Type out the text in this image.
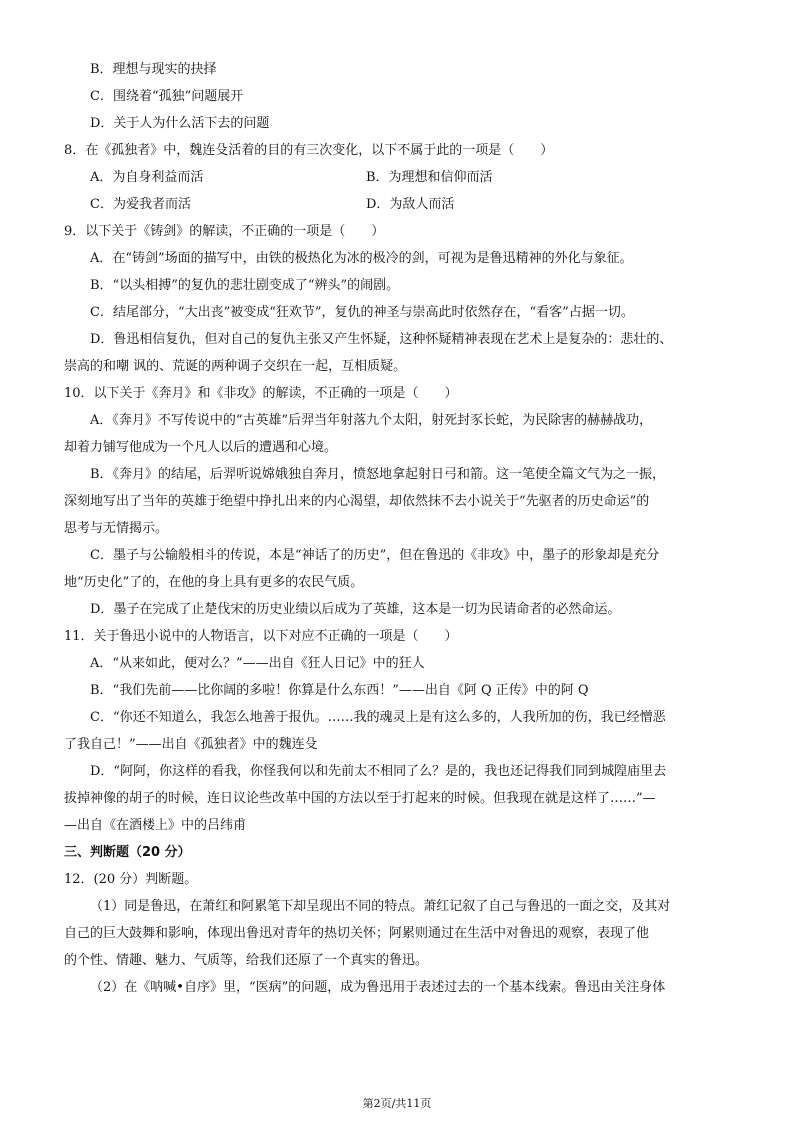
B．理想与现实的抉择
C．围绕着“孤独”问题展开
D．关于人为什么活下去的问题
8．在《孤独者》中，魏连殳活着的目的有三次变化，以下不属于此的一项是（　　）
A．为自身利益而活	B．为理想和信仰而活
C．为爱我者而活	D．为敌人而活
9．以下关于《铸剑》的解读，不正确的一项是（　　）
A．在“铸剑”场面的描写中，由铁的极热化为冰的极冷的剑，可视为是鲁迅精神的外化与象征。
B．“以头相搏”的复仇的悲壮剧变成了“辨头”的闹剧。
C．结尾部分，“大出丧”被变成“狂欢节”，复仇的神圣与崇高此时依然存在，“看客”占据一切。
D．鲁迅相信复仇，但对自己的复仇主张又产生怀疑，这种怀疑精神表现在艺术上是复杂的：悲壮的、
崇高的和嘲 讽的、荒诞的两种调子交织在一起，互相质疑。
10．以下关于《奔月》和《非攻》的解读，不正确的一项是（　　）
A．《奔月》不写传说中的“古英雄”后羿当年射落九个太阳，射死封豕长蛇，为民除害的赫赫战功，
却着力铺写他成为一个凡人以后的遭遇和心境。
B．《奔月》的结尾，后羿听说嫦娥独自奔月，愤怒地拿起射日弓和箭。这一笔使全篇文气为之一振，
深刻地写出了当年的英雄于绝望中挣扎出来的内心渴望，却依然抹不去小说关于“先驱者的历史命运”的
思考与无情揭示。
C．墨子与公输般相斗的传说，本是“神话了的历史”，但在鲁迅的《非攻》中，墨子的形象却是充分
地“历史化”了的，在他的身上具有更多的农民气质。
D．墨子在完成了止楚伐宋的历史业绩以后成为了英雄，这本是一切为民请命者的必然命运。
11．关于鲁迅小说中的人物语言，以下对应不正确的一项是（　　）
A．“从来如此，便对么？”——出自《狂人日记》中的狂人
B．“我们先前——比你阔的多啦！你算是什么东西！”——出自《阿 Q 正传》中的阿 Q
C．“你还不知道么，我怎么地善于报仇。……我的魂灵上是有这么多的，人我所加的伤，我已经憎恶
了我自己！”——出自《孤独者》中的魏连殳
D．“阿阿，你这样的看我，你怪我何以和先前太不相同了么？是的，我也还记得我们同到城隍庙里去
拔掉神像的胡子的时候，连日议论些改革中国的方法以至于打起来的时候。但我现在就是这样了……”—
—出自《在酒楼上》中的吕纬甫
三、判断题（20 分）
12．(20 分）判断题。
（1）同是鲁迅，在萧红和阿累笔下却呈现出不同的特点。萧红记叙了自己与鲁迅的一面之交，及其对
自己的巨大鼓舞和影响，体现出鲁迅对青年的热切关怀；阿累则通过在生活中对鲁迅的观察，表现了他
的个性、情趣、魅力、气质等，给我们还原了一个真实的鲁迅。
（2）在《呐喊•自序》里，“医病”的问题，成为鲁迅用于表述过去的一个基本线索。鲁迅由关注身体
第2页/共11页
